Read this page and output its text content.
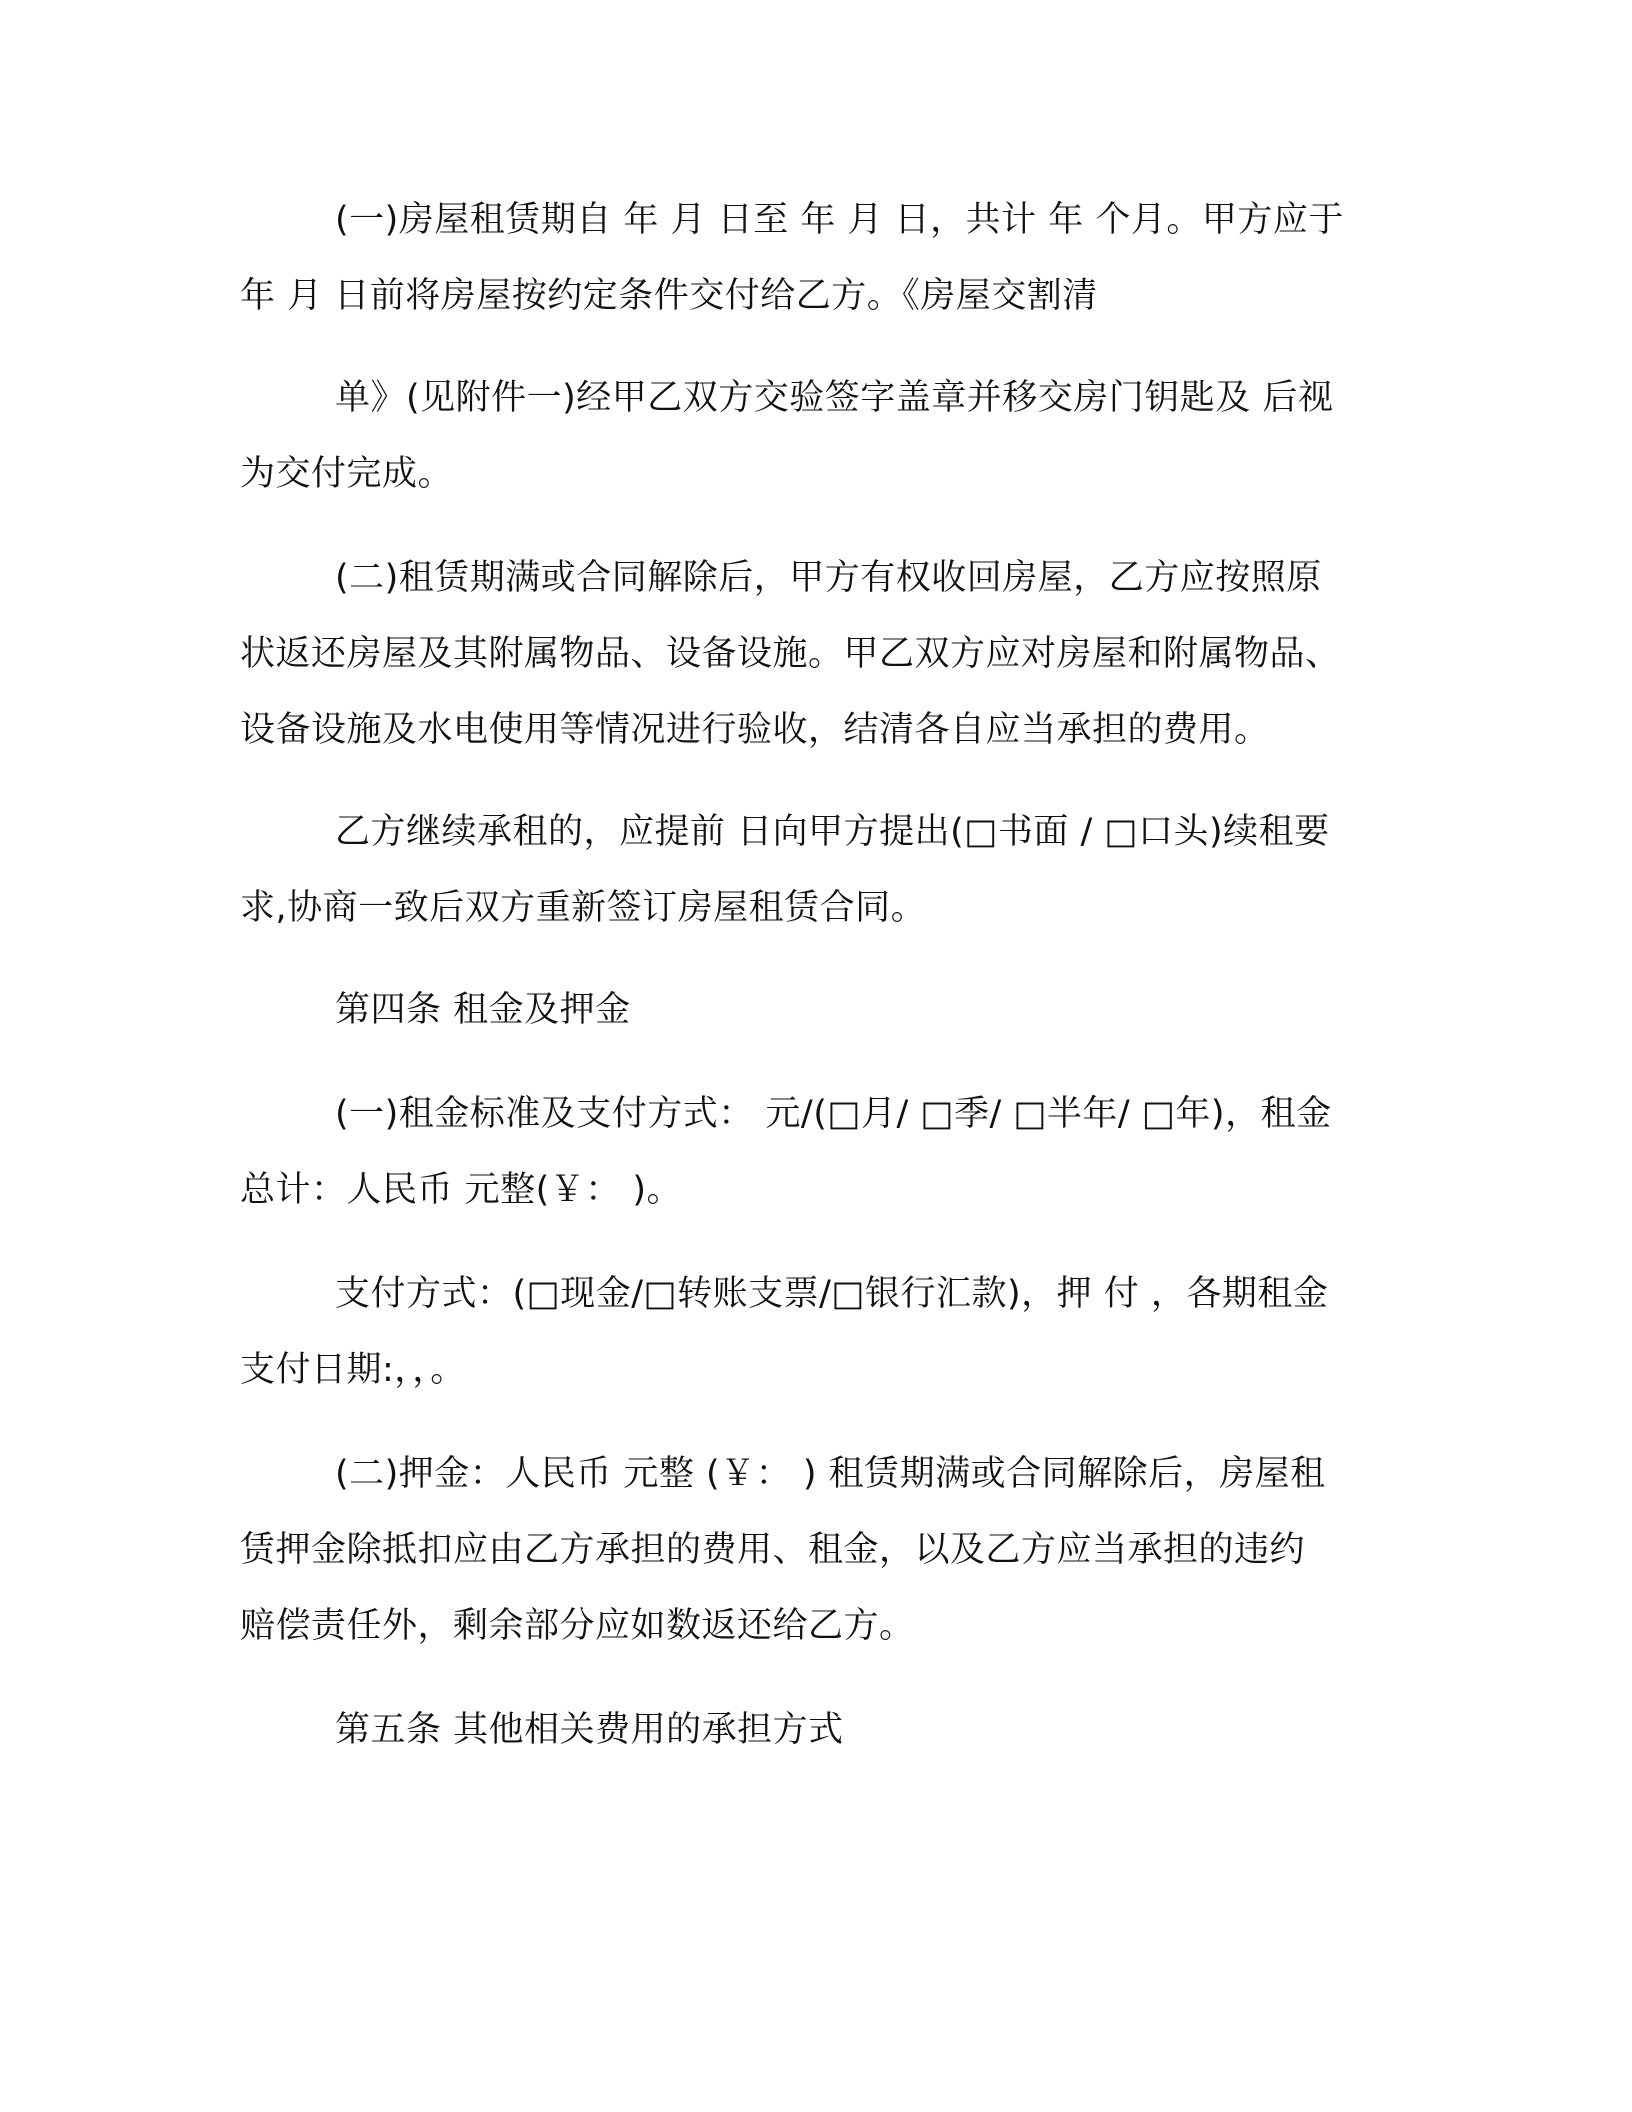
(一)房屋租赁期自 年 月 日至 年 月 日，共计 年 个月。甲方应于
年 月 日前将房屋按约定条件交付给乙方。《房屋交割清
单》(见附件一)经甲乙双方交验签字盖章并移交房门钥匙及 后视
为交付完成。
(二)租赁期满或合同解除后，甲方有权收回房屋，乙方应按照原
状返还房屋及其附属物品、设备设施。甲乙双方应对房屋和附属物品、
设备设施及水电使用等情况进行验收，结清各自应当承担的费用。
乙方继续承租的，应提前 日向甲方提出(□书面 / □口头)续租要
求,协商一致后双方重新签订房屋租赁合同。
第四条 租金及押金
(一)租金标准及支付方式： 元/(□月/ □季/ □半年/ □年)，租金
总计：人民币 元整(￥： )。
支付方式：(□现金/□转账支票/□银行汇款)，押 付 ，各期租金
支付日期:，，。
(二)押金：人民币 元整 (￥： ) 租赁期满或合同解除后，房屋租
赁押金除抵扣应由乙方承担的费用、租金，以及乙方应当承担的违约
赔偿责任外，剩余部分应如数返还给乙方。
第五条 其他相关费用的承担方式
